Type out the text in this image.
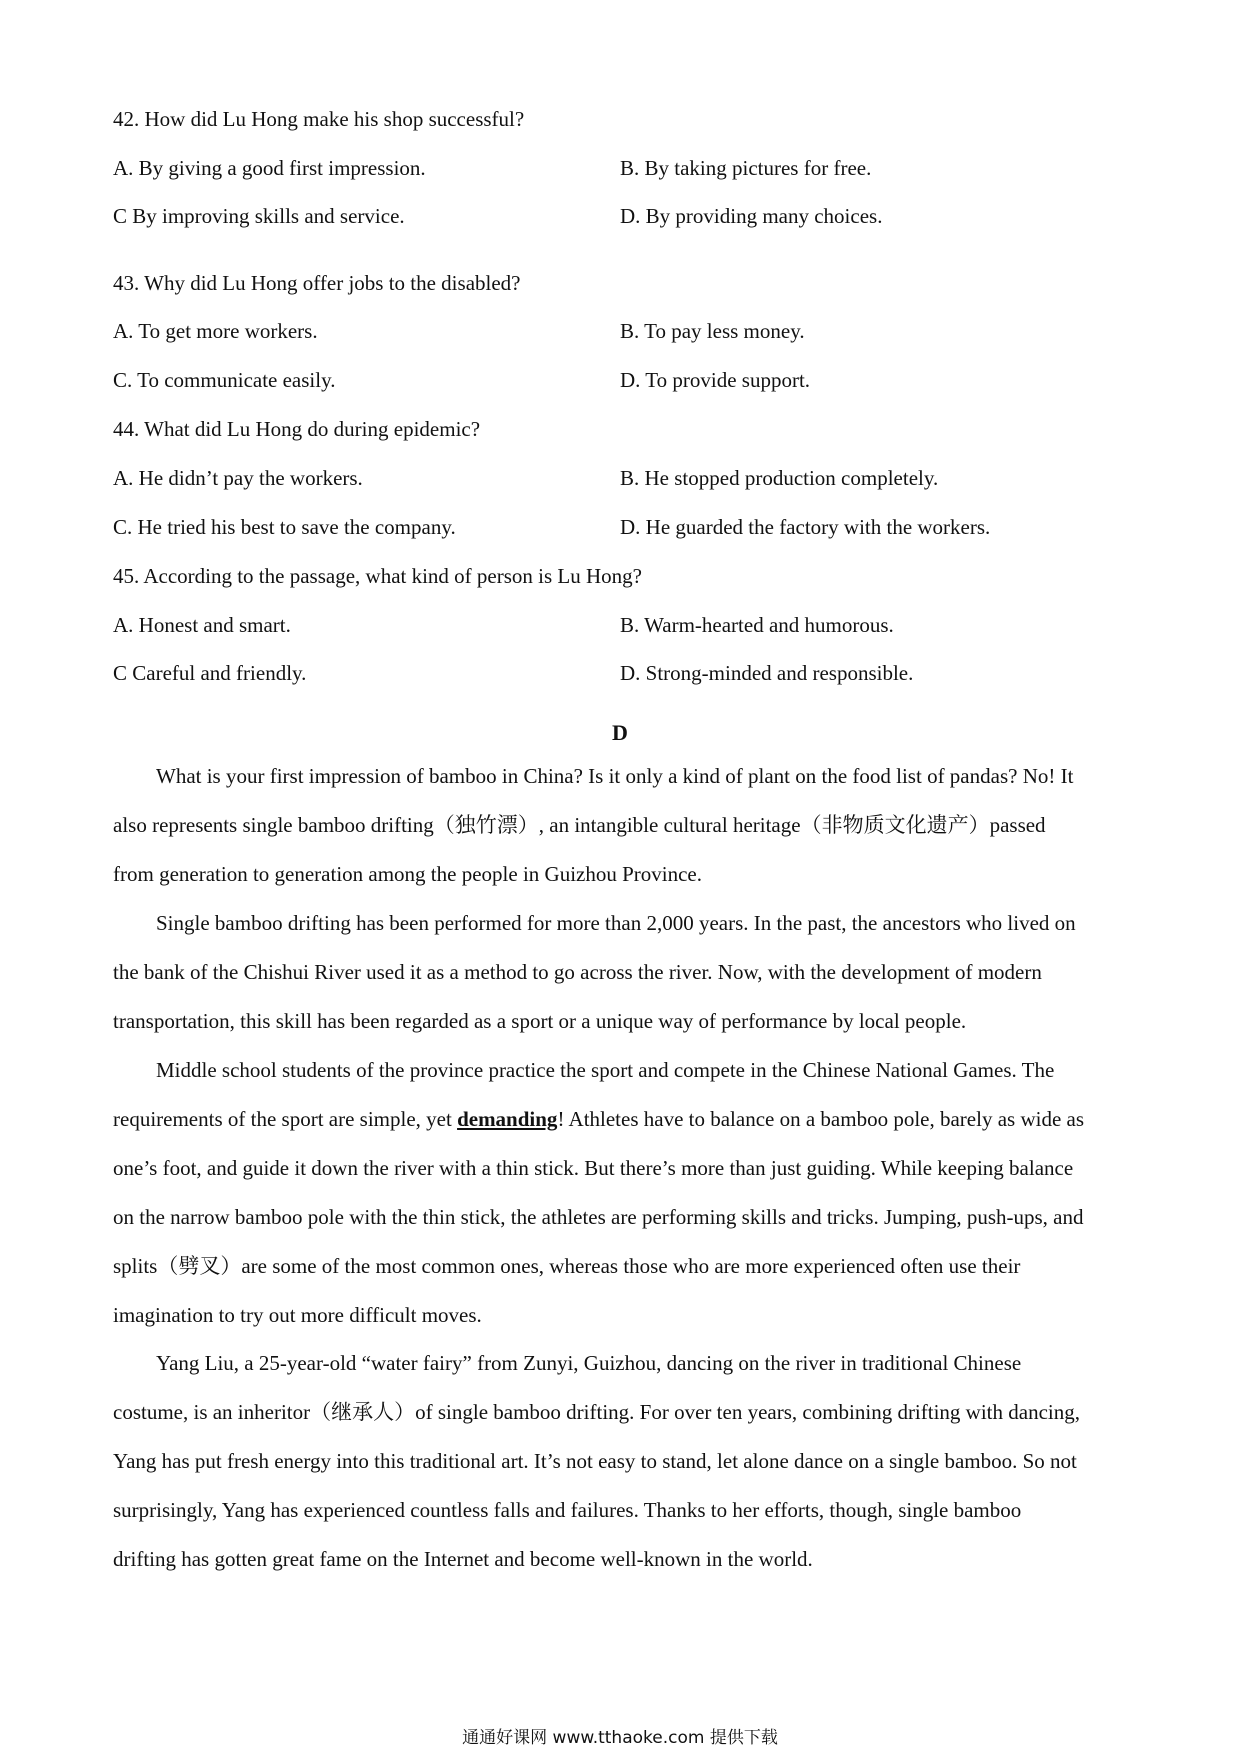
42. How did Lu Hong make his shop successful?
A. By giving a good first impression.	B. By taking pictures for free.
C By improving skills and service.	D. By providing many choices.
43. Why did Lu Hong offer jobs to the disabled?
A. To get more workers.	B. To pay less money.
C. To communicate easily.	D. To provide support.
44. What did Lu Hong do during epidemic?
A. He didn’t pay the workers.	B. He stopped production completely.
C. He tried his best to save the company.	D. He guarded the factory with the workers.
45. According to the passage, what kind of person is Lu Hong?
A. Honest and smart.	B. Warm-hearted and humorous.
C Careful and friendly.	D. Strong-minded and responsible.
D
What is your first impression of bamboo in China? Is it only a kind of plant on the food list of pandas? No! It
also represents single bamboo drifting（独竹漂）, an intangible cultural heritage（非物质文化遗产）passed
from generation to generation among the people in Guizhou Province.
Single bamboo drifting has been performed for more than 2,000 years. In the past, the ancestors who lived on
the bank of the Chishui River used it as a method to go across the river. Now, with the development of modern
transportation, this skill has been regarded as a sport or a unique way of performance by local people.
Middle school students of the province practice the sport and compete in the Chinese National Games. The
requirements of the sport are simple, yet demanding! Athletes have to balance on a bamboo pole, barely as wide as
one’s foot, and guide it down the river with a thin stick. But there’s more than just guiding. While keeping balance
on the narrow bamboo pole with the thin stick, the athletes are performing skills and tricks. Jumping, push-ups, and
splits（劈叉）are some of the most common ones, whereas those who are more experienced often use their
imagination to try out more difficult moves.
Yang Liu, a 25-year-old “water fairy” from Zunyi, Guizhou, dancing on the river in traditional Chinese
costume, is an inheritor（继承人）of single bamboo drifting. For over ten years, combining drifting with dancing,
Yang has put fresh energy into this traditional art. It’s not easy to stand, let alone dance on a single bamboo. So not
surprisingly, Yang has experienced countless falls and failures. Thanks to her efforts, though, single bamboo
drifting has gotten great fame on the Internet and become well-known in the world.
通通好课网 www.tthaoke.com 提供下载
